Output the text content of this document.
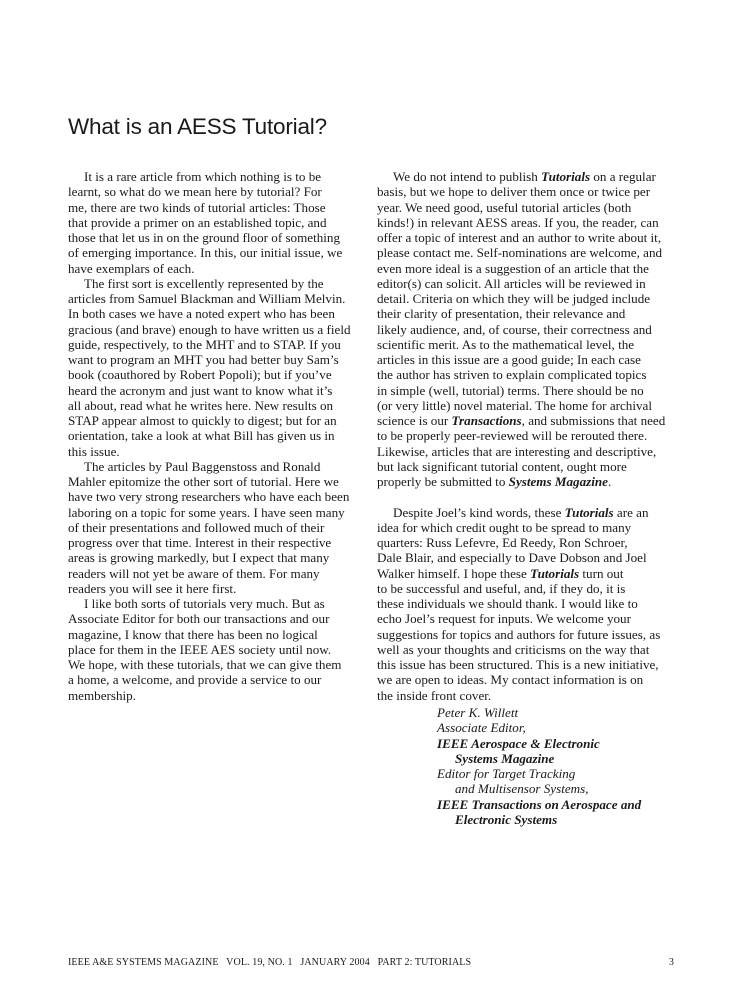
What is an AESS Tutorial?
It is a rare article from which nothing is to be
learnt, so what do we mean here by tutorial? For
me, there are two kinds of tutorial articles: Those
that provide a primer on an established topic, and
those that let us in on the ground floor of something
of emerging importance. In this, our initial issue, we
have exemplars of each.
The first sort is excellently represented by the
articles from Samuel Blackman and William Melvin.
In both cases we have a noted expert who has been
gracious (and brave) enough to have written us a field
guide, respectively, to the MHT and to STAP. If you
want to program an MHT you had better buy Sam’s
book (coauthored by Robert Popoli); but if you’ve
heard the acronym and just want to know what it’s
all about, read what he writes here. New results on
STAP appear almost to quickly to digest; but for an
orientation, take a look at what Bill has given us in
this issue.
The articles by Paul Baggenstoss and Ronald
Mahler epitomize the other sort of tutorial. Here we
have two very strong researchers who have each been
laboring on a topic for some years. I have seen many
of their presentations and followed much of their
progress over that time. Interest in their respective
areas is growing markedly, but I expect that many
readers will not yet be aware of them. For many
readers you will see it here first.
I like both sorts of tutorials very much. But as
Associate Editor for both our transactions and our
magazine, I know that there has been no logical
place for them in the IEEE AES society until now.
We hope, with these tutorials, that we can give them
a home, a welcome, and provide a service to our
membership.
We do not intend to publish Tutorials on a regular
basis, but we hope to deliver them once or twice per
year. We need good, useful tutorial articles (both
kinds!) in relevant AESS areas. If you, the reader, can
offer a topic of interest and an author to write about it,
please contact me. Self-nominations are welcome, and
even more ideal is a suggestion of an article that the
editor(s) can solicit. All articles will be reviewed in
detail. Criteria on which they will be judged include
their clarity of presentation, their relevance and
likely audience, and, of course, their correctness and
scientific merit. As to the mathematical level, the
articles in this issue are a good guide; In each case
the author has striven to explain complicated topics
in simple (well, tutorial) terms. There should be no
(or very little) novel material. The home for archival
science is our Transactions, and submissions that need
to be properly peer-reviewed will be rerouted there.
Likewise, articles that are interesting and descriptive,
but lack significant tutorial content, ought more
properly be submitted to Systems Magazine.
Despite Joel’s kind words, these Tutorials are an
idea for which credit ought to be spread to many
quarters: Russ Lefevre, Ed Reedy, Ron Schroer,
Dale Blair, and especially to Dave Dobson and Joel
Walker himself. I hope these Tutorials turn out
to be successful and useful, and, if they do, it is
these individuals we should thank. I would like to
echo Joel’s request for inputs. We welcome your
suggestions for topics and authors for future issues, as
well as your thoughts and criticisms on the way that
this issue has been structured. This is a new initiative,
we are open to ideas. My contact information is on
the inside front cover.
Peter K. Willett
Associate Editor,
IEEE Aerospace & Electronic
Systems Magazine
Editor for Target Tracking
and Multisensor Systems,
IEEE Transactions on Aerospace and
Electronic Systems
IEEE A&E SYSTEMS MAGAZINE   VOL. 19, NO. 1   JANUARY 2004   PART 2: TUTORIALS	3
